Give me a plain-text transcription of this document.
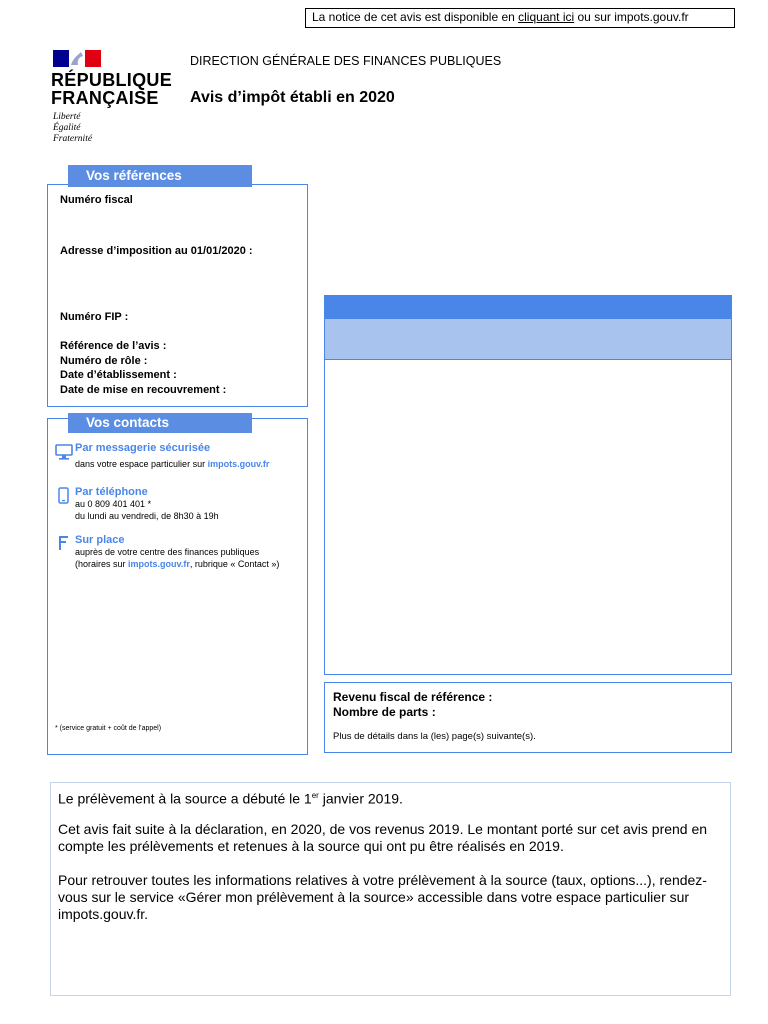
La notice de cet avis est disponible en cliquant ici ou sur impots.gouv.fr
RÉPUBLIQUE
FRANÇAISE
Liberté
Égalité
Fraternité
DIRECTION GÉNÉRALE DES FINANCES PUBLIQUES
Avis d’impôt établi en 2020
Vos références
Numéro fiscal
Adresse d’imposition au 01/01/2020 :
Numéro FIP :
Référence de l’avis :
Numéro de rôle :
Date d’établissement :
Date de mise en recouvrement :
Vos contacts
Par messagerie sécurisée
dans votre espace particulier sur impots.gouv.fr
Par téléphone
au 0 809 401 401 *
du lundi au vendredi, de 8h30 à 19h
Sur place
auprès de votre centre des finances publiques
(horaires sur impots.gouv.fr, rubrique « Contact »)
* (service gratuit + coût de l’appel)
Revenu fiscal de référence :
Nombre de parts :
Plus de détails dans la (les) page(s) suivante(s).
Le prélèvement à la source a débuté le 1er janvier 2019.
Cet avis fait suite à la déclaration, en 2020, de vos revenus 2019. Le montant porté sur cet avis prend en compte les prélèvements et retenues à la source qui ont pu être réalisés en 2019.
Pour retrouver toutes les informations relatives à votre prélèvement à la source (taux, options...), rendez-vous sur le service «Gérer mon prélèvement à la source» accessible dans votre espace particulier sur impots.gouv.fr.
